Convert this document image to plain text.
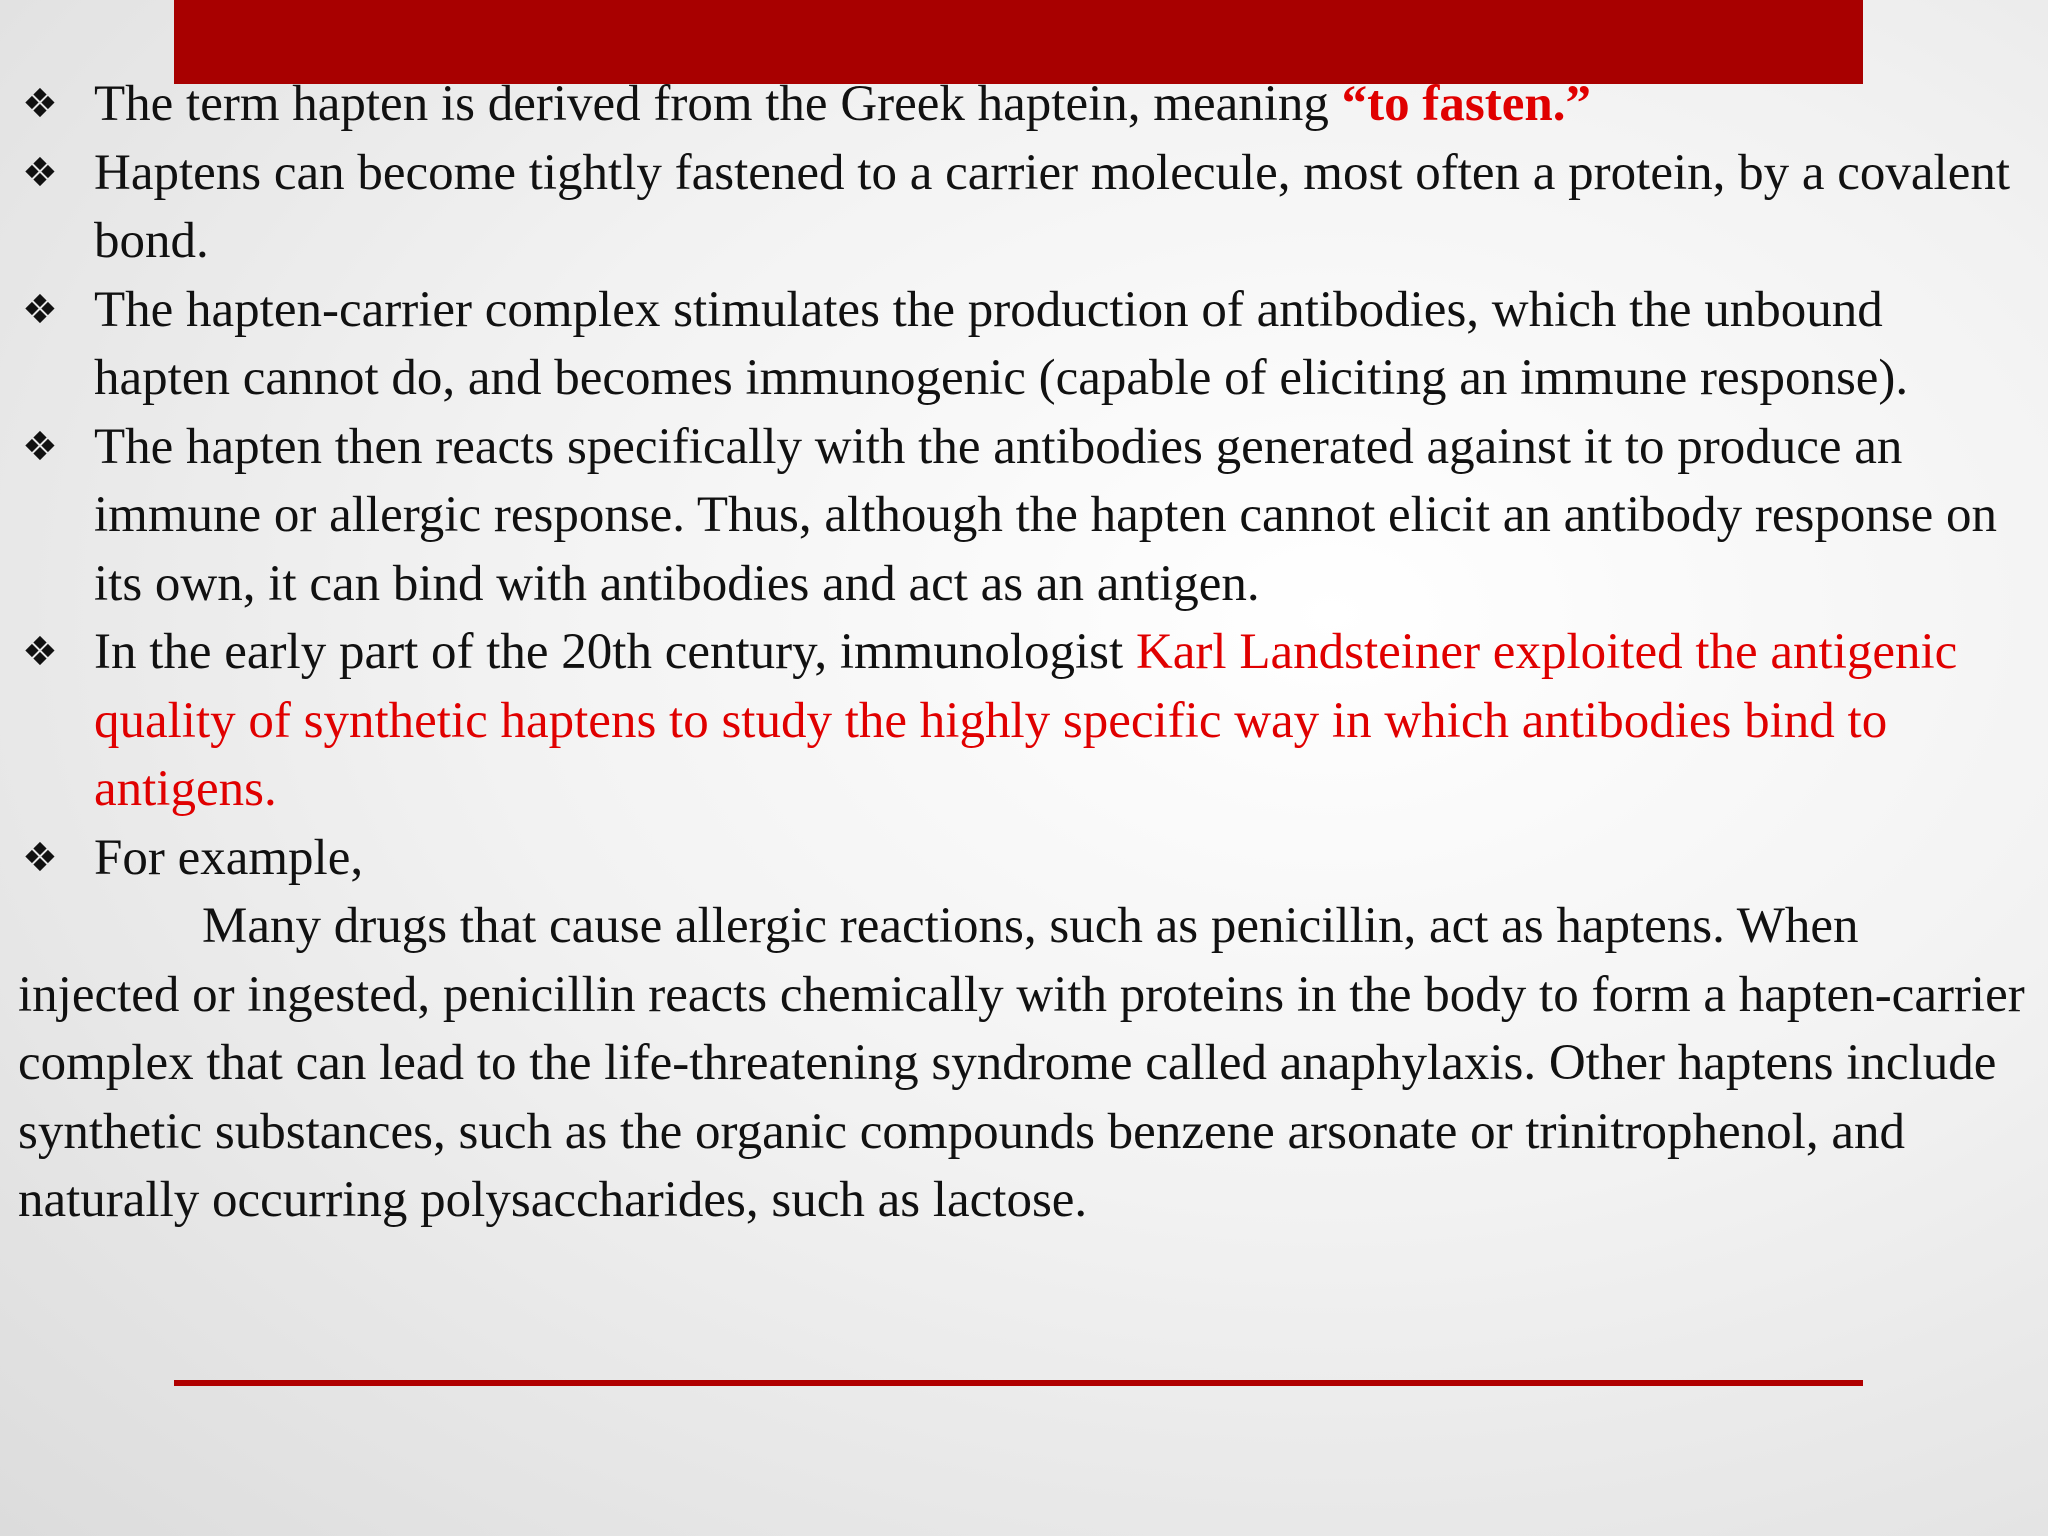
❖ The term hapten is derived from the Greek haptein, meaning “to fasten.”

❖ Haptens can become tightly fastened to a carrier molecule, most often a protein, by a covalent bond.

❖ The hapten-carrier complex stimulates the production of antibodies, which the unbound hapten cannot do, and becomes immunogenic (capable of eliciting an immune response).

❖ The hapten then reacts specifically with the antibodies generated against it to produce an immune or allergic response. Thus, although the hapten cannot elicit an antibody response on its own, it can bind with antibodies and act as an antigen.

❖ In the early part of the 20th century, immunologist Karl Landsteiner exploited the antigenic quality of synthetic haptens to study the highly specific way in which antibodies bind to antigens.

❖ For example,

Many drugs that cause allergic reactions, such as penicillin, act as haptens. When injected or ingested, penicillin reacts chemically with proteins in the body to form a hapten-carrier complex that can lead to the life-threatening syndrome called anaphylaxis. Other haptens include synthetic substances, such as the organic compounds benzene arsonate or trinitrophenol, and naturally occurring polysaccharides, such as lactose.
